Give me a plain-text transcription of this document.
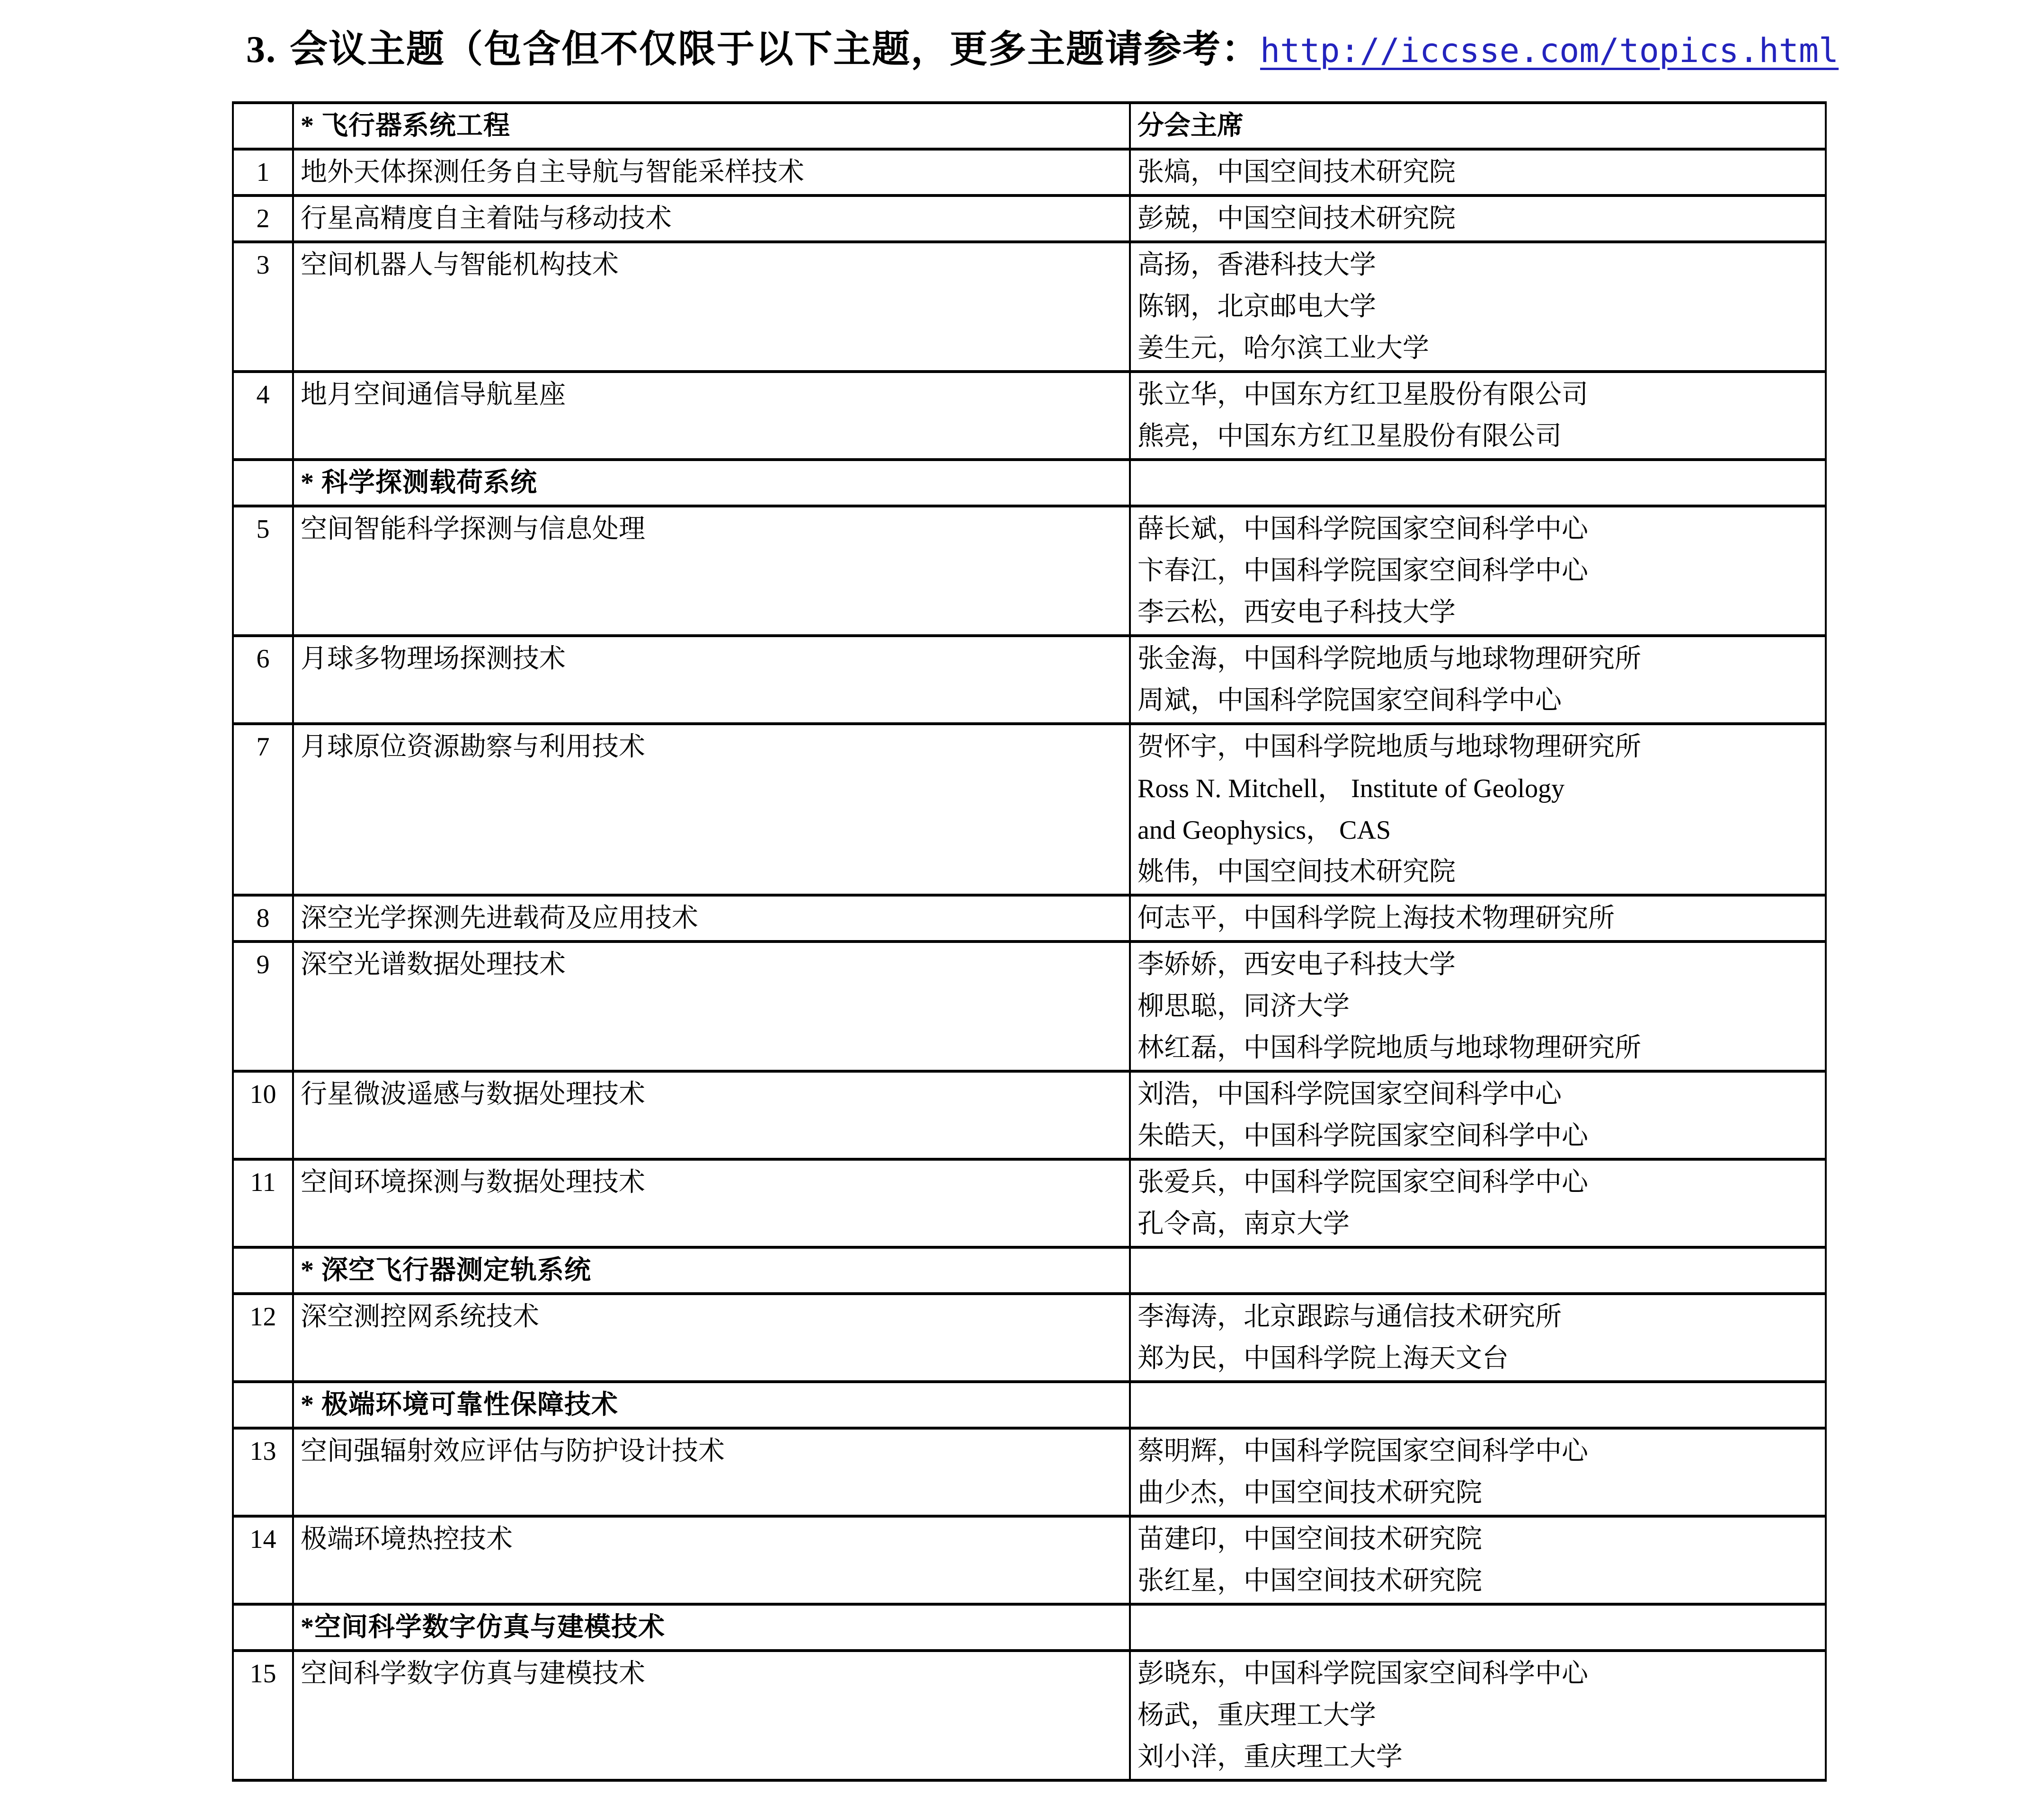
3. 会议主题（包含但不仅限于以下主题，更多主题请参考：http://iccsse.com/topics.html
	* 飞行器系统工程	分会主席

1	地外天体探测任务自主导航与智能采样技术	张熇，中国空间技术研究院

2	行星高精度自主着陆与移动技术	彭兢，中国空间技术研究院

3	空间机器人与智能机构技术	高扬，香港科技大学
陈钢，北京邮电大学
姜生元，哈尔滨工业大学

4	地月空间通信导航星座	张立华，中国东方红卫星股份有限公司
熊亮，中国东方红卫星股份有限公司

	* 科学探测载荷系统	
5	空间智能科学探测与信息处理	薛长斌，中国科学院国家空间科学中心
卞春江，中国科学院国家空间科学中心
李云松，西安电子科技大学

6	月球多物理场探测技术	张金海，中国科学院地质与地球物理研究所
周斌，中国科学院国家空间科学中心

7	月球原位资源勘察与利用技术	贺怀宇，中国科学院地质与地球物理研究所
Ross N. Mitchell， Institute of Geology
and Geophysics， CAS
姚伟，中国空间技术研究院

8	深空光学探测先进载荷及应用技术	何志平，中国科学院上海技术物理研究所

9	深空光谱数据处理技术	李娇娇，西安电子科技大学
柳思聪，同济大学
林红磊，中国科学院地质与地球物理研究所

10	行星微波遥感与数据处理技术	刘浩，中国科学院国家空间科学中心
朱皓天，中国科学院国家空间科学中心

11	空间环境探测与数据处理技术	张爱兵，中国科学院国家空间科学中心
孔令高，南京大学

	* 深空飞行器测定轨系统	
12	深空测控网系统技术	李海涛，北京跟踪与通信技术研究所
郑为民，中国科学院上海天文台

	* 极端环境可靠性保障技术	
13	空间强辐射效应评估与防护设计技术	蔡明辉，中国科学院国家空间科学中心
曲少杰，中国空间技术研究院

14	极端环境热控技术	苗建印，中国空间技术研究院
张红星，中国空间技术研究院

	*空间科学数字仿真与建模技术	
15	空间科学数字仿真与建模技术	彭晓东，中国科学院国家空间科学中心
杨武，重庆理工大学
刘小洋，重庆理工大学
